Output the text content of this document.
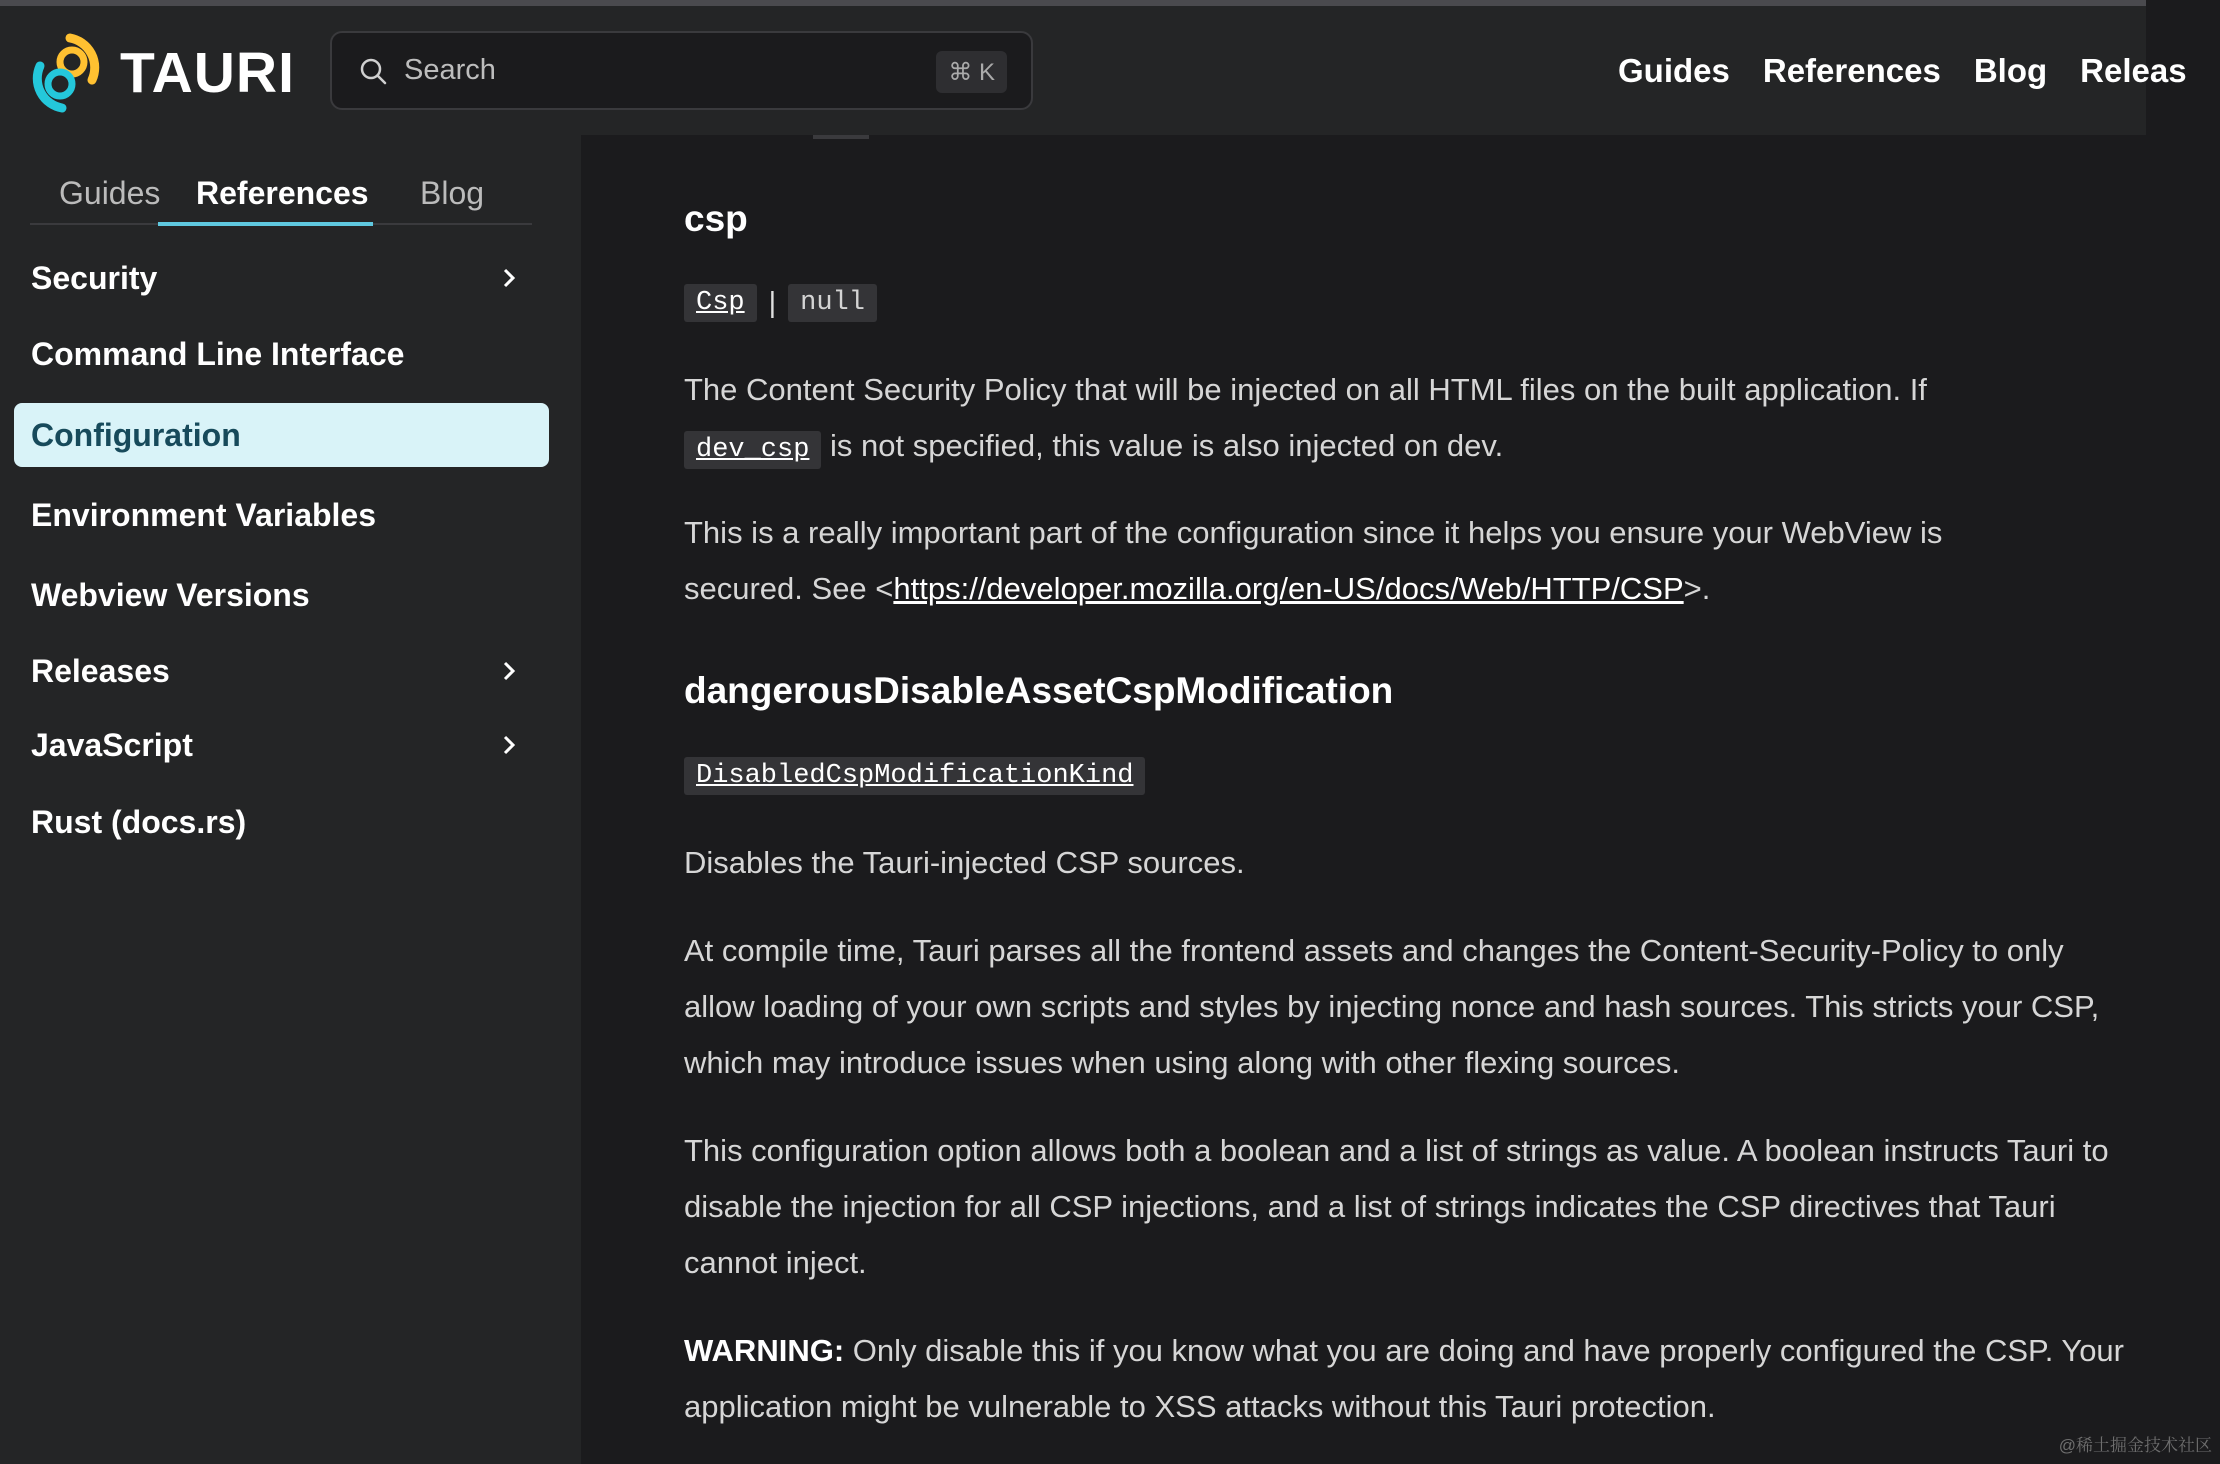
TAURI	Search	⌘ K	Guides References Blog Releas
Guides References Blog
Security
Command Line Interface
Configuration
Environment Variables
Webview Versions
Releases
JavaScript
Rust (docs.rs)
csp
Csp | null

The Content Security Policy that will be injected on all HTML files on the built application. If
dev_csp is not specified, this value is also injected on dev.

This is a really important part of the configuration since it helps you ensure your WebView is secured. See <https://developer.mozilla.org/en-US/docs/Web/HTTP/CSP>.

dangerousDisableAssetCspModification
DisabledCspModificationKind

Disables the Tauri-injected CSP sources.

At compile time, Tauri parses all the frontend assets and changes the Content-Security-Policy to only allow loading of your own scripts and styles by injecting nonce and hash sources. This stricts your CSP, which may introduce issues when using along with other flexing sources.

This configuration option allows both a boolean and a list of strings as value. A boolean instructs Tauri to disable the injection for all CSP injections, and a list of strings indicates the CSP directives that Tauri cannot inject.

WARNING: Only disable this if you know what you are doing and have properly configured the CSP. Your application might be vulnerable to XSS attacks without this Tauri protection.

@稀土掘金技术社区
